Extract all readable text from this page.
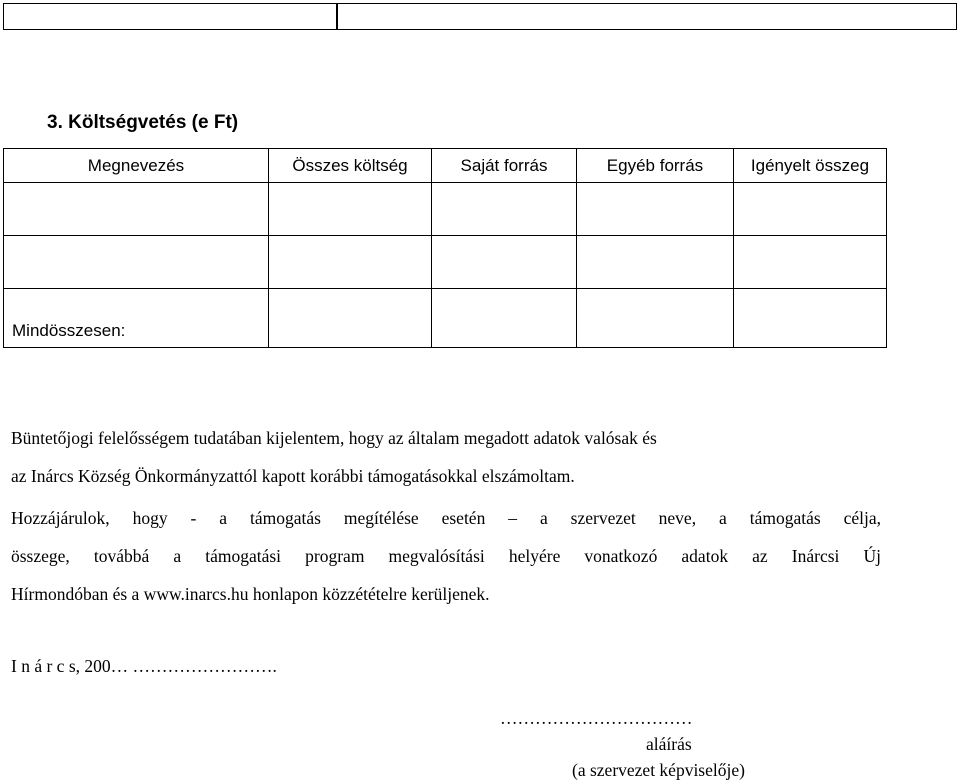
3. Költségvetés (e Ft)
Megnevezés	Összes költség	Saját forrás	Egyéb forrás	Igényelt összeg

Mindösszesen:				
Büntetőjogi felelősségem tudatában kijelentem, hogy az általam megadott adatok valósak és
az Inárcs Község Önkormányzattól kapott korábbi támogatásokkal elszámoltam.
Hozzájárulok, hogy - a támogatás megítélése esetén – a szervezet neve, a támogatás célja,
összege, továbbá a támogatási program megvalósítási helyére vonatkozó adatok az Inárcsi Új
Hírmondóban és a www.inarcs.hu honlapon közzétételre kerüljenek.
I n á r c s, 200… …………………….
……………………………
aláírás
(a szervezet képviselője)
